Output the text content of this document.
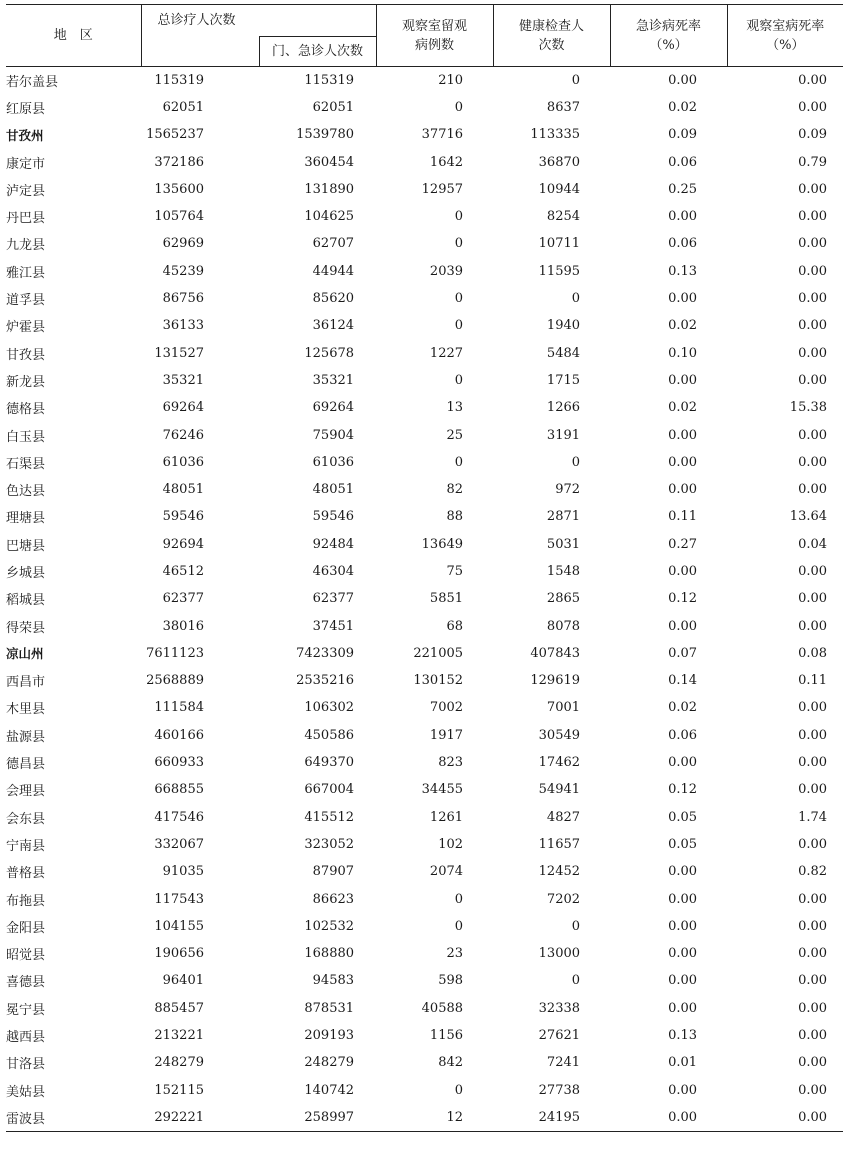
地　区	总诊疗人次数		观察室留观病例数	健康检查人次数	急诊病死率（%）	观察室病死率（%）

		门、急诊人次数				
若尔盖县	115319	115319	210	0	0.00	0.00
红原县	62051	62051	0	8637	0.02	0.00
甘孜州	1565237	1539780	37716	113335	0.09	0.09
康定市	372186	360454	1642	36870	0.06	0.79
泸定县	135600	131890	12957	10944	0.25	0.00
丹巴县	105764	104625	0	8254	0.00	0.00
九龙县	62969	62707	0	10711	0.06	0.00
雅江县	45239	44944	2039	11595	0.13	0.00
道孚县	86756	85620	0	0	0.00	0.00
炉霍县	36133	36124	0	1940	0.02	0.00
甘孜县	131527	125678	1227	5484	0.10	0.00
新龙县	35321	35321	0	1715	0.00	0.00
德格县	69264	69264	13	1266	0.02	15.38
白玉县	76246	75904	25	3191	0.00	0.00
石渠县	61036	61036	0	0	0.00	0.00
色达县	48051	48051	82	972	0.00	0.00
理塘县	59546	59546	88	2871	0.11	13.64
巴塘县	92694	92484	13649	5031	0.27	0.04
乡城县	46512	46304	75	1548	0.00	0.00
稻城县	62377	62377	5851	2865	0.12	0.00
得荣县	38016	37451	68	8078	0.00	0.00
凉山州	7611123	7423309	221005	407843	0.07	0.08
西昌市	2568889	2535216	130152	129619	0.14	0.11
木里县	111584	106302	7002	7001	0.02	0.00
盐源县	460166	450586	1917	30549	0.06	0.00
德昌县	660933	649370	823	17462	0.00	0.00
会理县	668855	667004	34455	54941	0.12	0.00
会东县	417546	415512	1261	4827	0.05	1.74
宁南县	332067	323052	102	11657	0.05	0.00
普格县	91035	87907	2074	12452	0.00	0.82
布拖县	117543	86623	0	7202	0.00	0.00
金阳县	104155	102532	0	0	0.00	0.00
昭觉县	190656	168880	23	13000	0.00	0.00
喜德县	96401	94583	598	0	0.00	0.00
冕宁县	885457	878531	40588	32338	0.00	0.00
越西县	213221	209193	1156	27621	0.13	0.00
甘洛县	248279	248279	842	7241	0.01	0.00
美姑县	152115	140742	0	27738	0.00	0.00
雷波县	292221	258997	12	24195	0.00	0.00
